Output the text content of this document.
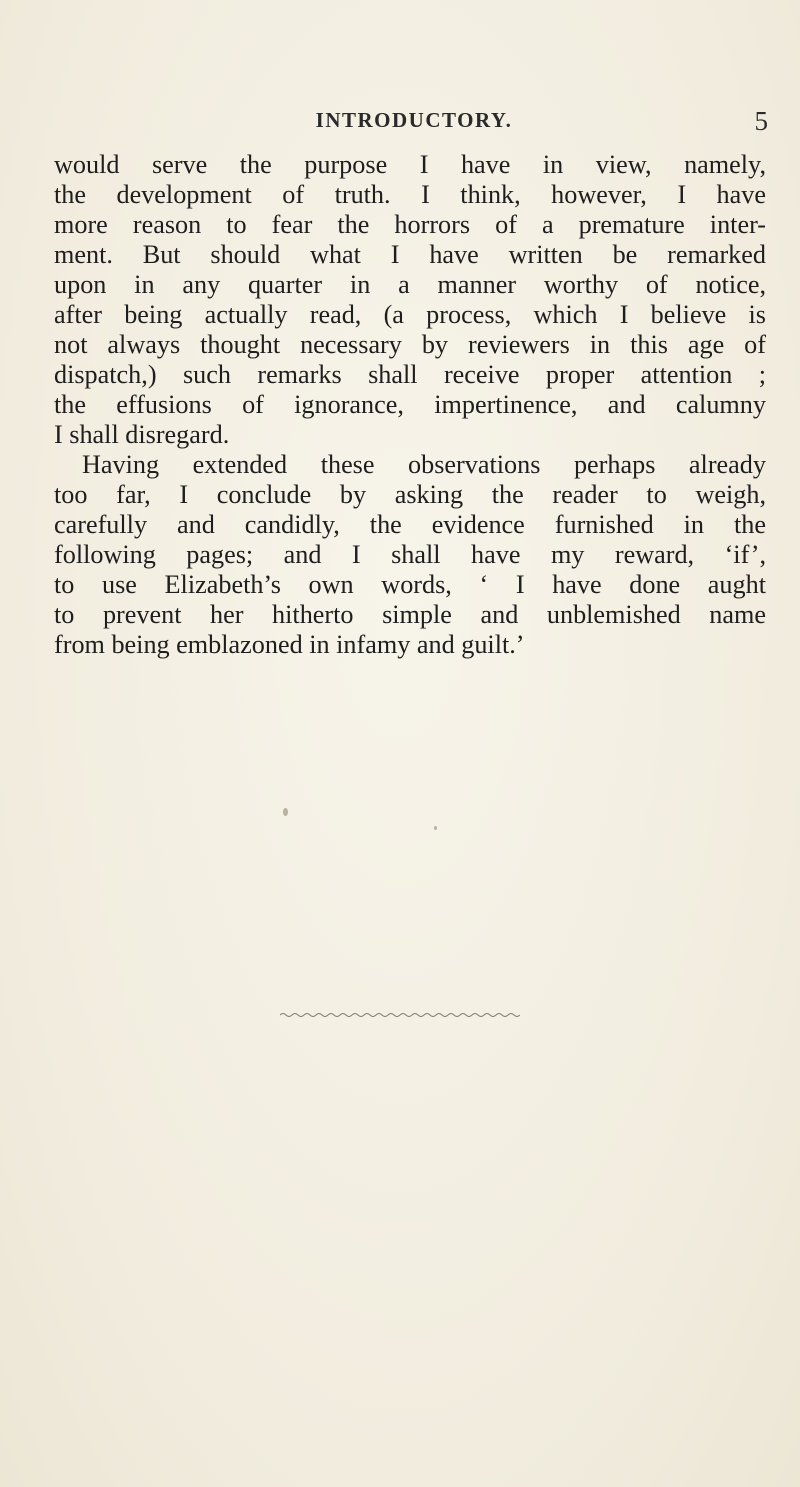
INTRODUCTORY.	5
would serve the purpose I have in view, namely,
the development of truth. I think, however, I have
more reason to fear the horrors of a premature inter-
ment. But should what I have written be remarked
upon in any quarter in a manner worthy of notice,
after being actually read, (a process, which I believe is
not always thought necessary by reviewers in this age of
dispatch,) such remarks shall receive proper attention ;
the effusions of ignorance, impertinence, and calumny
I shall disregard.
Having extended these observations perhaps already
too far, I conclude by asking the reader to weigh,
carefully and candidly, the evidence furnished in the
following pages; and I shall have my reward, ‘if’,
to use Elizabeth’s own words, ‘ I have done aught
to prevent her hitherto simple and unblemished name
from being emblazoned in infamy and guilt.’
